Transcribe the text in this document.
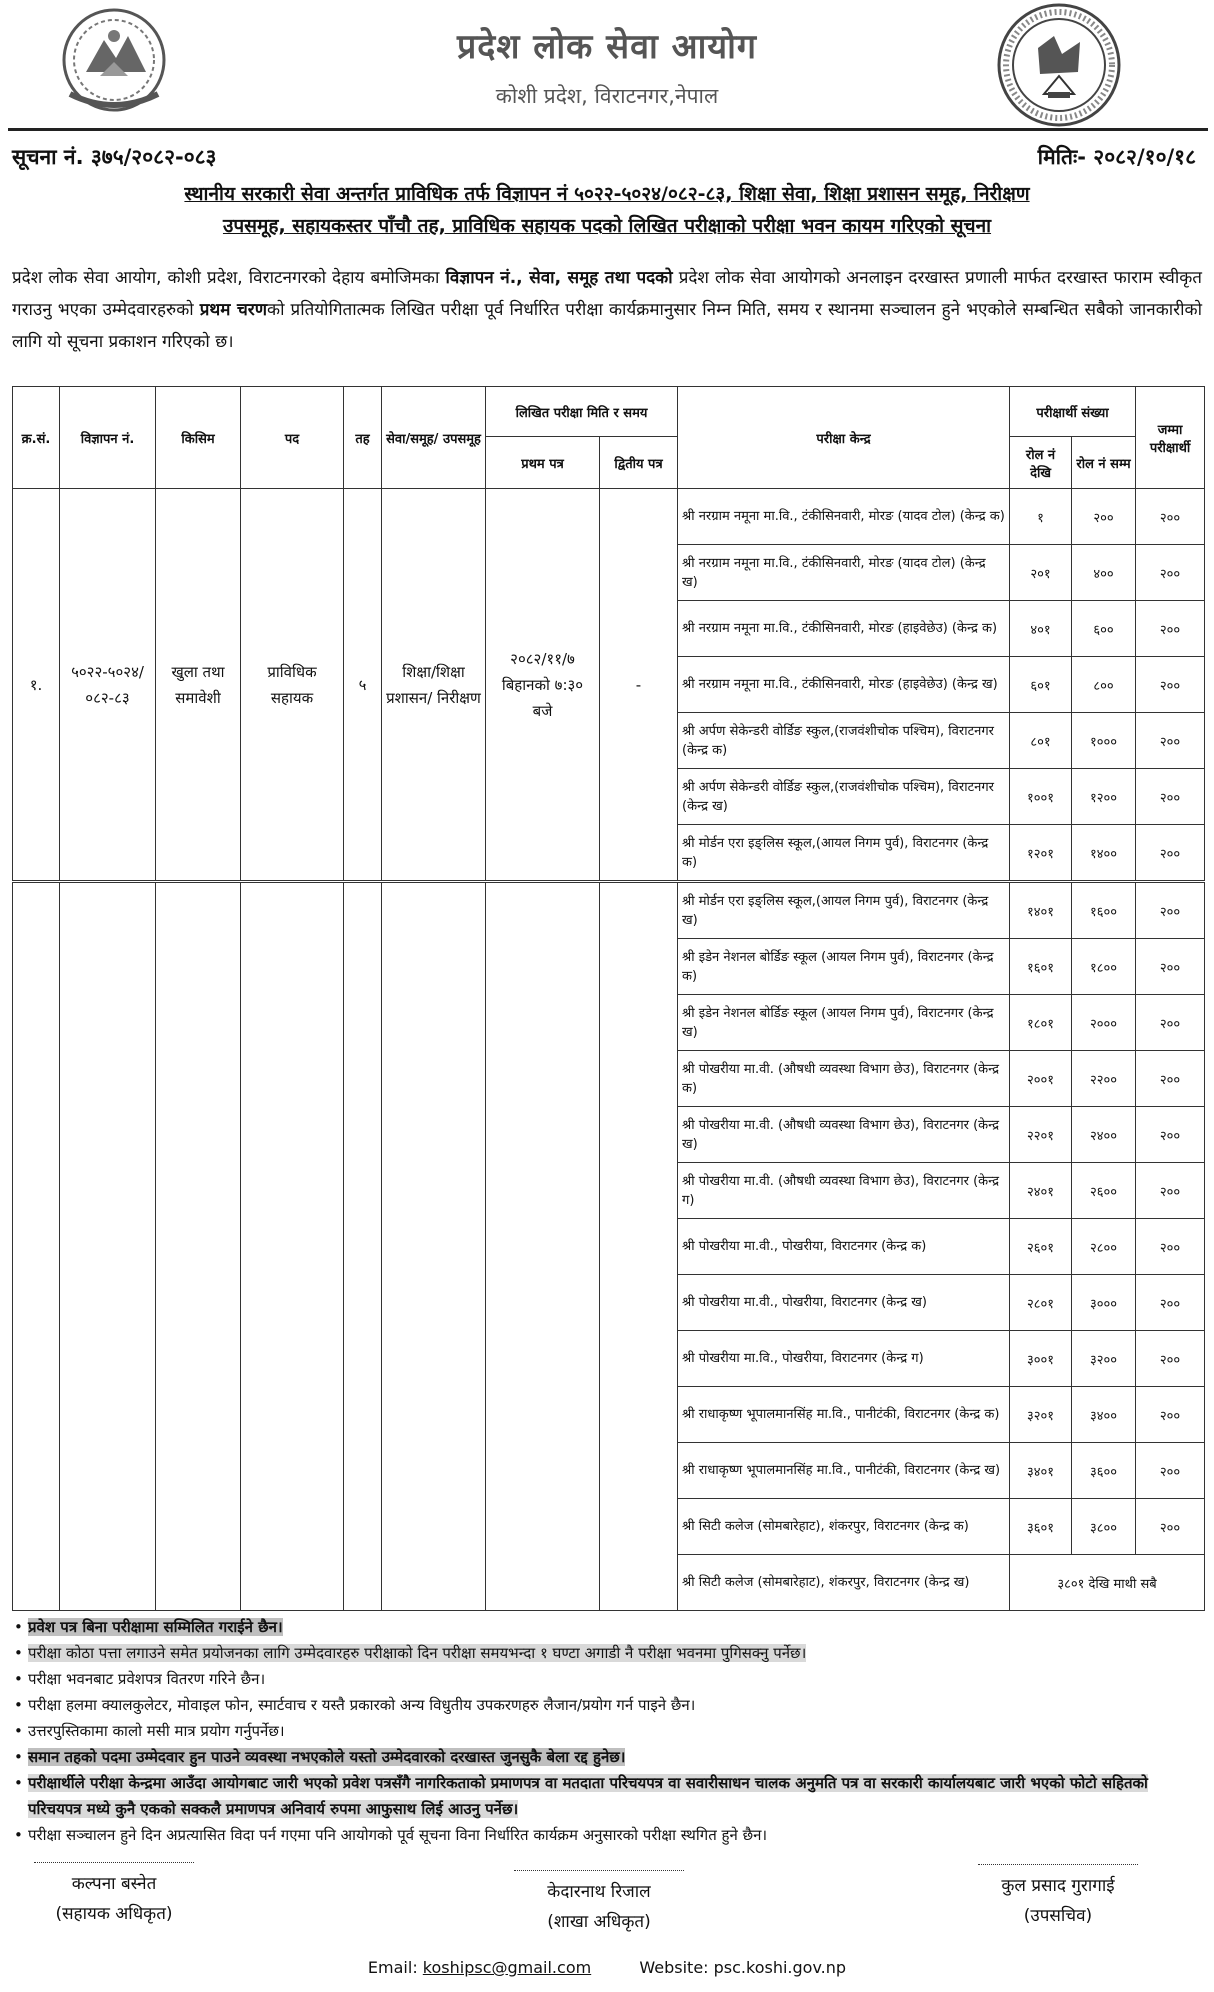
प्रदेश लोक सेवा आयोग
कोशी प्रदेश, विराटनगर,नेपाल
सूचना नं. ३७५/२०८२-०८३	मितिः- २०८२/१०/१८
स्थानीय सरकारी सेवा अन्तर्गत प्राविधिक तर्फ विज्ञापन नं ५०२२-५०२४/०८२-८३, शिक्षा सेवा, शिक्षा प्रशासन समूह, निरीक्षण
उपसमूह, सहायकस्तर पाँचौ तह, प्राविधिक सहायक पदको लिखित परीक्षाको परीक्षा भवन कायम गरिएको सूचना
प्रदेश लोक सेवा आयोग, कोशी प्रदेश, विराटनगरको देहाय बमोजिमका विज्ञापन नं., सेवा, समूह तथा पदको प्रदेश लोक सेवा आयोगको अनलाइन दरखास्त प्रणाली मार्फत दरखास्त फाराम स्वीकृत गराउनु भएका उम्मेदवारहरुको प्रथम चरणको प्रतियोगितात्मक लिखित परीक्षा पूर्व निर्धारित परीक्षा कार्यक्रमानुसार निम्न मिति, समय र स्थानमा सञ्चालन हुने भएकोले सम्बन्धित सबैको जानकारीको लागि यो सूचना प्रकाशन गरिएको छ।
क्र.सं.	विज्ञापन नं.	किसिम	पद	तह	सेवा/समूह/ उपसमूह	लिखित परीक्षा मिति र समय		परीक्षा केन्द्र	परीक्षार्थी संख्या		जम्मा परीक्षार्थी
						प्रथम पत्र	द्वितीय पत्र		रोल नं देखि	रोल नं सम्म	
१.	५०२२-५०२४/ ०८२-८३	खुला तथा समावेशी	प्राविधिक सहायक	५	शिक्षा/शिक्षा प्रशासन/ निरीक्षण	२०८२/११/७ बिहानको ७:३० बजे	-	श्री नरग्राम नमूना मा.वि., टंकीसिनवारी, मोरङ (यादव टोल) (केन्द्र क)	१	२००	२००
								श्री नरग्राम नमूना मा.वि., टंकीसिनवारी, मोरङ (यादव टोल) (केन्द्र ख)	२०१	४००	२००
								श्री नरग्राम नमूना मा.वि., टंकीसिनवारी, मोरङ (हाइवेछेउ) (केन्द्र क)	४०१	६००	२००
								श्री नरग्राम नमूना मा.वि., टंकीसिनवारी, मोरङ (हाइवेछेउ) (केन्द्र ख)	६०१	८००	२००
								श्री अर्पण सेकेन्डरी वोर्डिङ स्कुल,(राजवंशीचोक पश्चिम), विराटनगर (केन्द्र क)	८०१	१०००	२००
								श्री अर्पण सेकेन्डरी वोर्डिङ स्कुल,(राजवंशीचोक पश्चिम), विराटनगर (केन्द्र ख)	१००१	१२००	२००
								श्री मोर्डन एरा इङ्लिस स्कूल,(आयल निगम पुर्व), विराटनगर (केन्द्र क)	१२०१	१४००	२००
								श्री मोर्डन एरा इङ्लिस स्कूल,(आयल निगम पुर्व), विराटनगर (केन्द्र ख)	१४०१	१६००	२००
								श्री इडेन नेशनल बोर्डिङ स्कूल (आयल निगम पुर्व), विराटनगर (केन्द्र क)	१६०१	१८००	२००
								श्री इडेन नेशनल बोर्डिङ स्कूल (आयल निगम पुर्व), विराटनगर (केन्द्र ख)	१८०१	२०००	२००
								श्री पोखरीया मा.वी. (औषधी व्यवस्था विभाग छेउ), विराटनगर (केन्द्र क)	२००१	२२००	२००
								श्री पोखरीया मा.वी. (औषधी व्यवस्था विभाग छेउ), विराटनगर (केन्द्र ख)	२२०१	२४००	२००
								श्री पोखरीया मा.वी. (औषधी व्यवस्था विभाग छेउ), विराटनगर (केन्द्र ग)	२४०१	२६००	२००
								श्री पोखरीया मा.वी., पोखरीया, विराटनगर (केन्द्र क)	२६०१	२८००	२००
								श्री पोखरीया मा.वी., पोखरीया, विराटनगर (केन्द्र ख)	२८०१	३०००	२००
								श्री पोखरीया मा.वि., पोखरीया, विराटनगर (केन्द्र ग)	३००१	३२००	२००
								श्री राधाकृष्ण भूपालमानसिंह मा.वि., पानीटंकी, विराटनगर (केन्द्र क)	३२०१	३४००	२००
								श्री राधाकृष्ण भूपालमानसिंह मा.वि., पानीटंकी, विराटनगर (केन्द्र ख)	३४०१	३६००	२००
								श्री सिटी कलेज (सोमबारेहाट), शंकरपुर, विराटनगर (केन्द्र क)	३६०१	३८००	२००
								श्री सिटी कलेज (सोमबारेहाट), शंकरपुर, विराटनगर (केन्द्र ख)	३८०१ देखि माथी सबै		
• प्रवेश पत्र बिना परीक्षामा सम्मिलित गराईने छैन।
• परीक्षा कोठा पत्ता लगाउने समेत प्रयोजनका लागि उम्मेदवारहरु परीक्षाको दिन परीक्षा समयभन्दा १ घण्टा अगाडी नै परीक्षा भवनमा पुगिसक्नु पर्नेछ।
• परीक्षा भवनबाट प्रवेशपत्र वितरण गरिने छैन।
• परीक्षा हलमा क्यालकुलेटर, मोवाइल फोन, स्मार्टवाच र यस्तै प्रकारको अन्य विधुतीय उपकरणहरु लैजान/प्रयोग गर्न पाइने छैन।
• उत्तरपुस्तिकामा कालो मसी मात्र प्रयोग गर्नुपर्नेछ।
• समान तहको पदमा उम्मेदवार हुन पाउने व्यवस्था नभएकोले यस्तो उम्मेदवारको दरखास्त जुनसुकै बेला रद्द हुनेछ।
• परीक्षार्थीले परीक्षा केन्द्रमा आउँदा आयोगबाट जारी भएको प्रवेश पत्रसँगै नागरिकताको प्रमाणपत्र वा मतदाता परिचयपत्र वा सवारीसाधन चालक अनुमति पत्र वा सरकारी कार्यालयबाट जारी भएको फोटो सहितको परिचयपत्र मध्ये कुनै एकको सक्कलै प्रमाणपत्र अनिवार्य रुपमा आफुसाथ लिई आउनु पर्नेछ।
• परीक्षा सञ्चालन हुने दिन अप्रत्यासित विदा पर्न गएमा पनि आयोगको पूर्व सूचना विना निर्धारित कार्यक्रम अनुसारको परीक्षा स्थगित हुने छैन।
कल्पना बस्नेत
(सहायक अधिकृत)
केदारनाथ रिजाल
(शाखा अधिकृत)
कुल प्रसाद गुरागाई
(उपसचिव)
Email: koshipsc@gmail.com	Website: psc.koshi.gov.np
